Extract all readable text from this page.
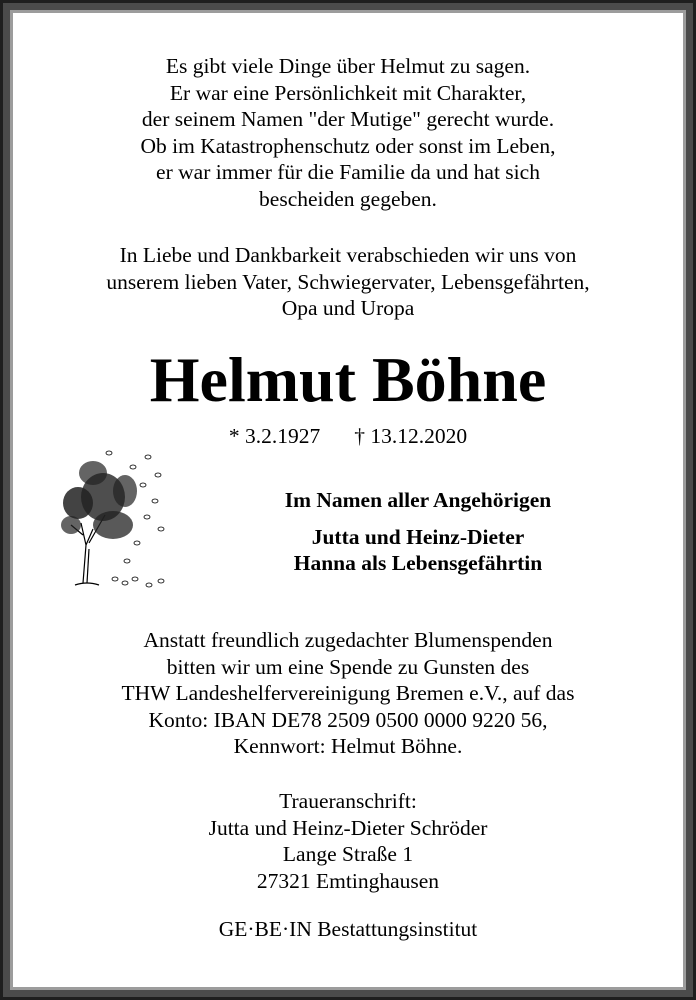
Es gibt viele Dinge über Helmut zu sagen.
Er war eine Persönlichkeit mit Charakter,
der seinem Namen "der Mutige" gerecht wurde.
Ob im Katastrophenschutz oder sonst im Leben,
er war immer für die Familie da und hat sich
bescheiden gegeben.
In Liebe und Dankbarkeit verabschieden wir uns von
unserem lieben Vater, Schwiegervater, Lebensgefährten,
Opa und Uropa
Helmut Böhne
* 3.2.1927 † 13.12.2020
Im Namen aller Angehörigen
Jutta und Heinz-Dieter
Hanna als Lebensgefährtin
Anstatt freundlich zugedachter Blumenspenden
bitten wir um eine Spende zu Gunsten des
THW Landeshelfervereinigung Bremen e.V., auf das
Konto: IBAN DE78 2509 0500 0000 9220 56,
Kennwort: Helmut Böhne.
Traueranschrift:
Jutta und Heinz-Dieter Schröder
Lange Straße 1
27321 Emtinghausen
GE·BE·IN Bestattungsinstitut
